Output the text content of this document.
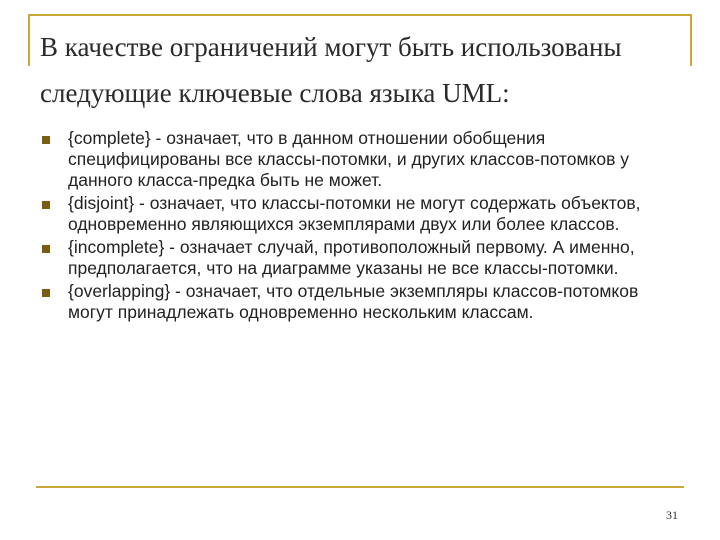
В качестве ограничений могут быть использованы
следующие ключевые слова языка UML:
{complete} - означает, что в данном отношении обобщения специфицированы все классы-потомки, и других классов-потомков у данного класса-предка быть не может.
{disjoint} - означает, что классы-потомки не могут содержать объектов, одновременно являющихся экземплярами двух или более классов.
{incomplete} - означает случай, противоположный первому. А именно, предполагается, что на диаграмме указаны не все классы-потомки.
{overlapping} - означает, что отдельные экземпляры классов-потомков могут принадлежать одновременно нескольким классам.
31
